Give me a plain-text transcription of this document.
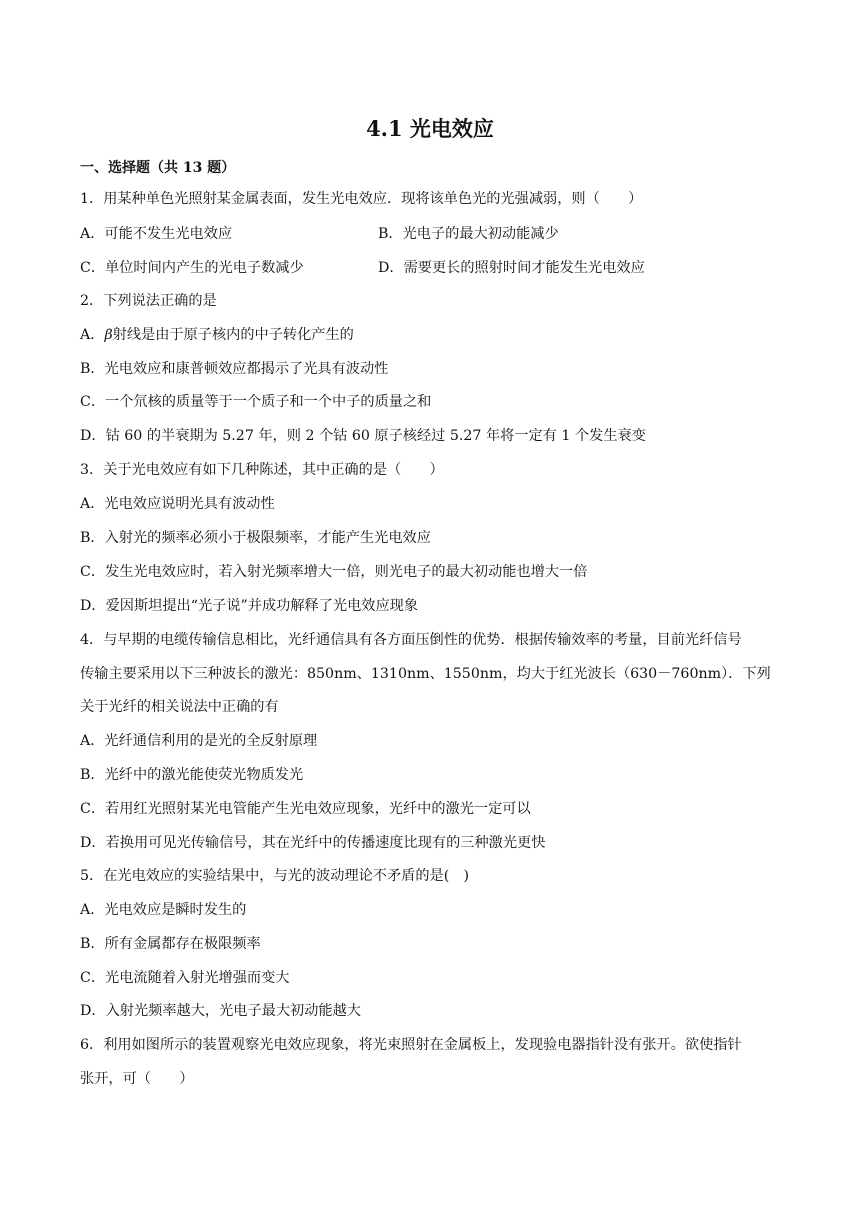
4.1 光电效应
一、选择题（共 13 题）
1．用某种单色光照射某金属表面，发生光电效应．现将该单色光的光强减弱，则（　　）
A．可能不发生光电效应	B．光电子的最大初动能减少
C．单位时间内产生的光电子数减少	D．需要更长的照射时间才能发生光电效应
2．下列说法正确的是
A．β射线是由于原子核内的中子转化产生的
B．光电效应和康普顿效应都揭示了光具有波动性
C．一个氘核的质量等于一个质子和一个中子的质量之和
D．钴 60 的半衰期为 5.27 年，则 2 个钴 60 原子核经过 5.27 年将一定有 1 个发生衰变
3．关于光电效应有如下几种陈述，其中正确的是（　　）
A．光电效应说明光具有波动性
B．入射光的频率必须小于极限频率，才能产生光电效应
C．发生光电效应时，若入射光频率增大一倍，则光电子的最大初动能也增大一倍
D．爱因斯坦提出“光子说”并成功解释了光电效应现象
4．与早期的电缆传输信息相比，光纤通信具有各方面压倒性的优势．根据传输效率的考量，目前光纤信号
传输主要采用以下三种波长的激光：850nm、1310nm、1550nm，均大于红光波长（630－760nm）．下列
关于光纤的相关说法中正确的有
A．光纤通信利用的是光的全反射原理
B．光纤中的激光能使荧光物质发光
C．若用红光照射某光电管能产生光电效应现象，光纤中的激光一定可以
D．若换用可见光传输信号，其在光纤中的传播速度比现有的三种激光更快
5．在光电效应的实验结果中，与光的波动理论不矛盾的是(　)
A．光电效应是瞬时发生的
B．所有金属都存在极限频率
C．光电流随着入射光增强而变大
D．入射光频率越大，光电子最大初动能越大
6．利用如图所示的装置观察光电效应现象，将光束照射在金属板上，发现验电器指针没有张开。欲使指针
张开，可（　　）
